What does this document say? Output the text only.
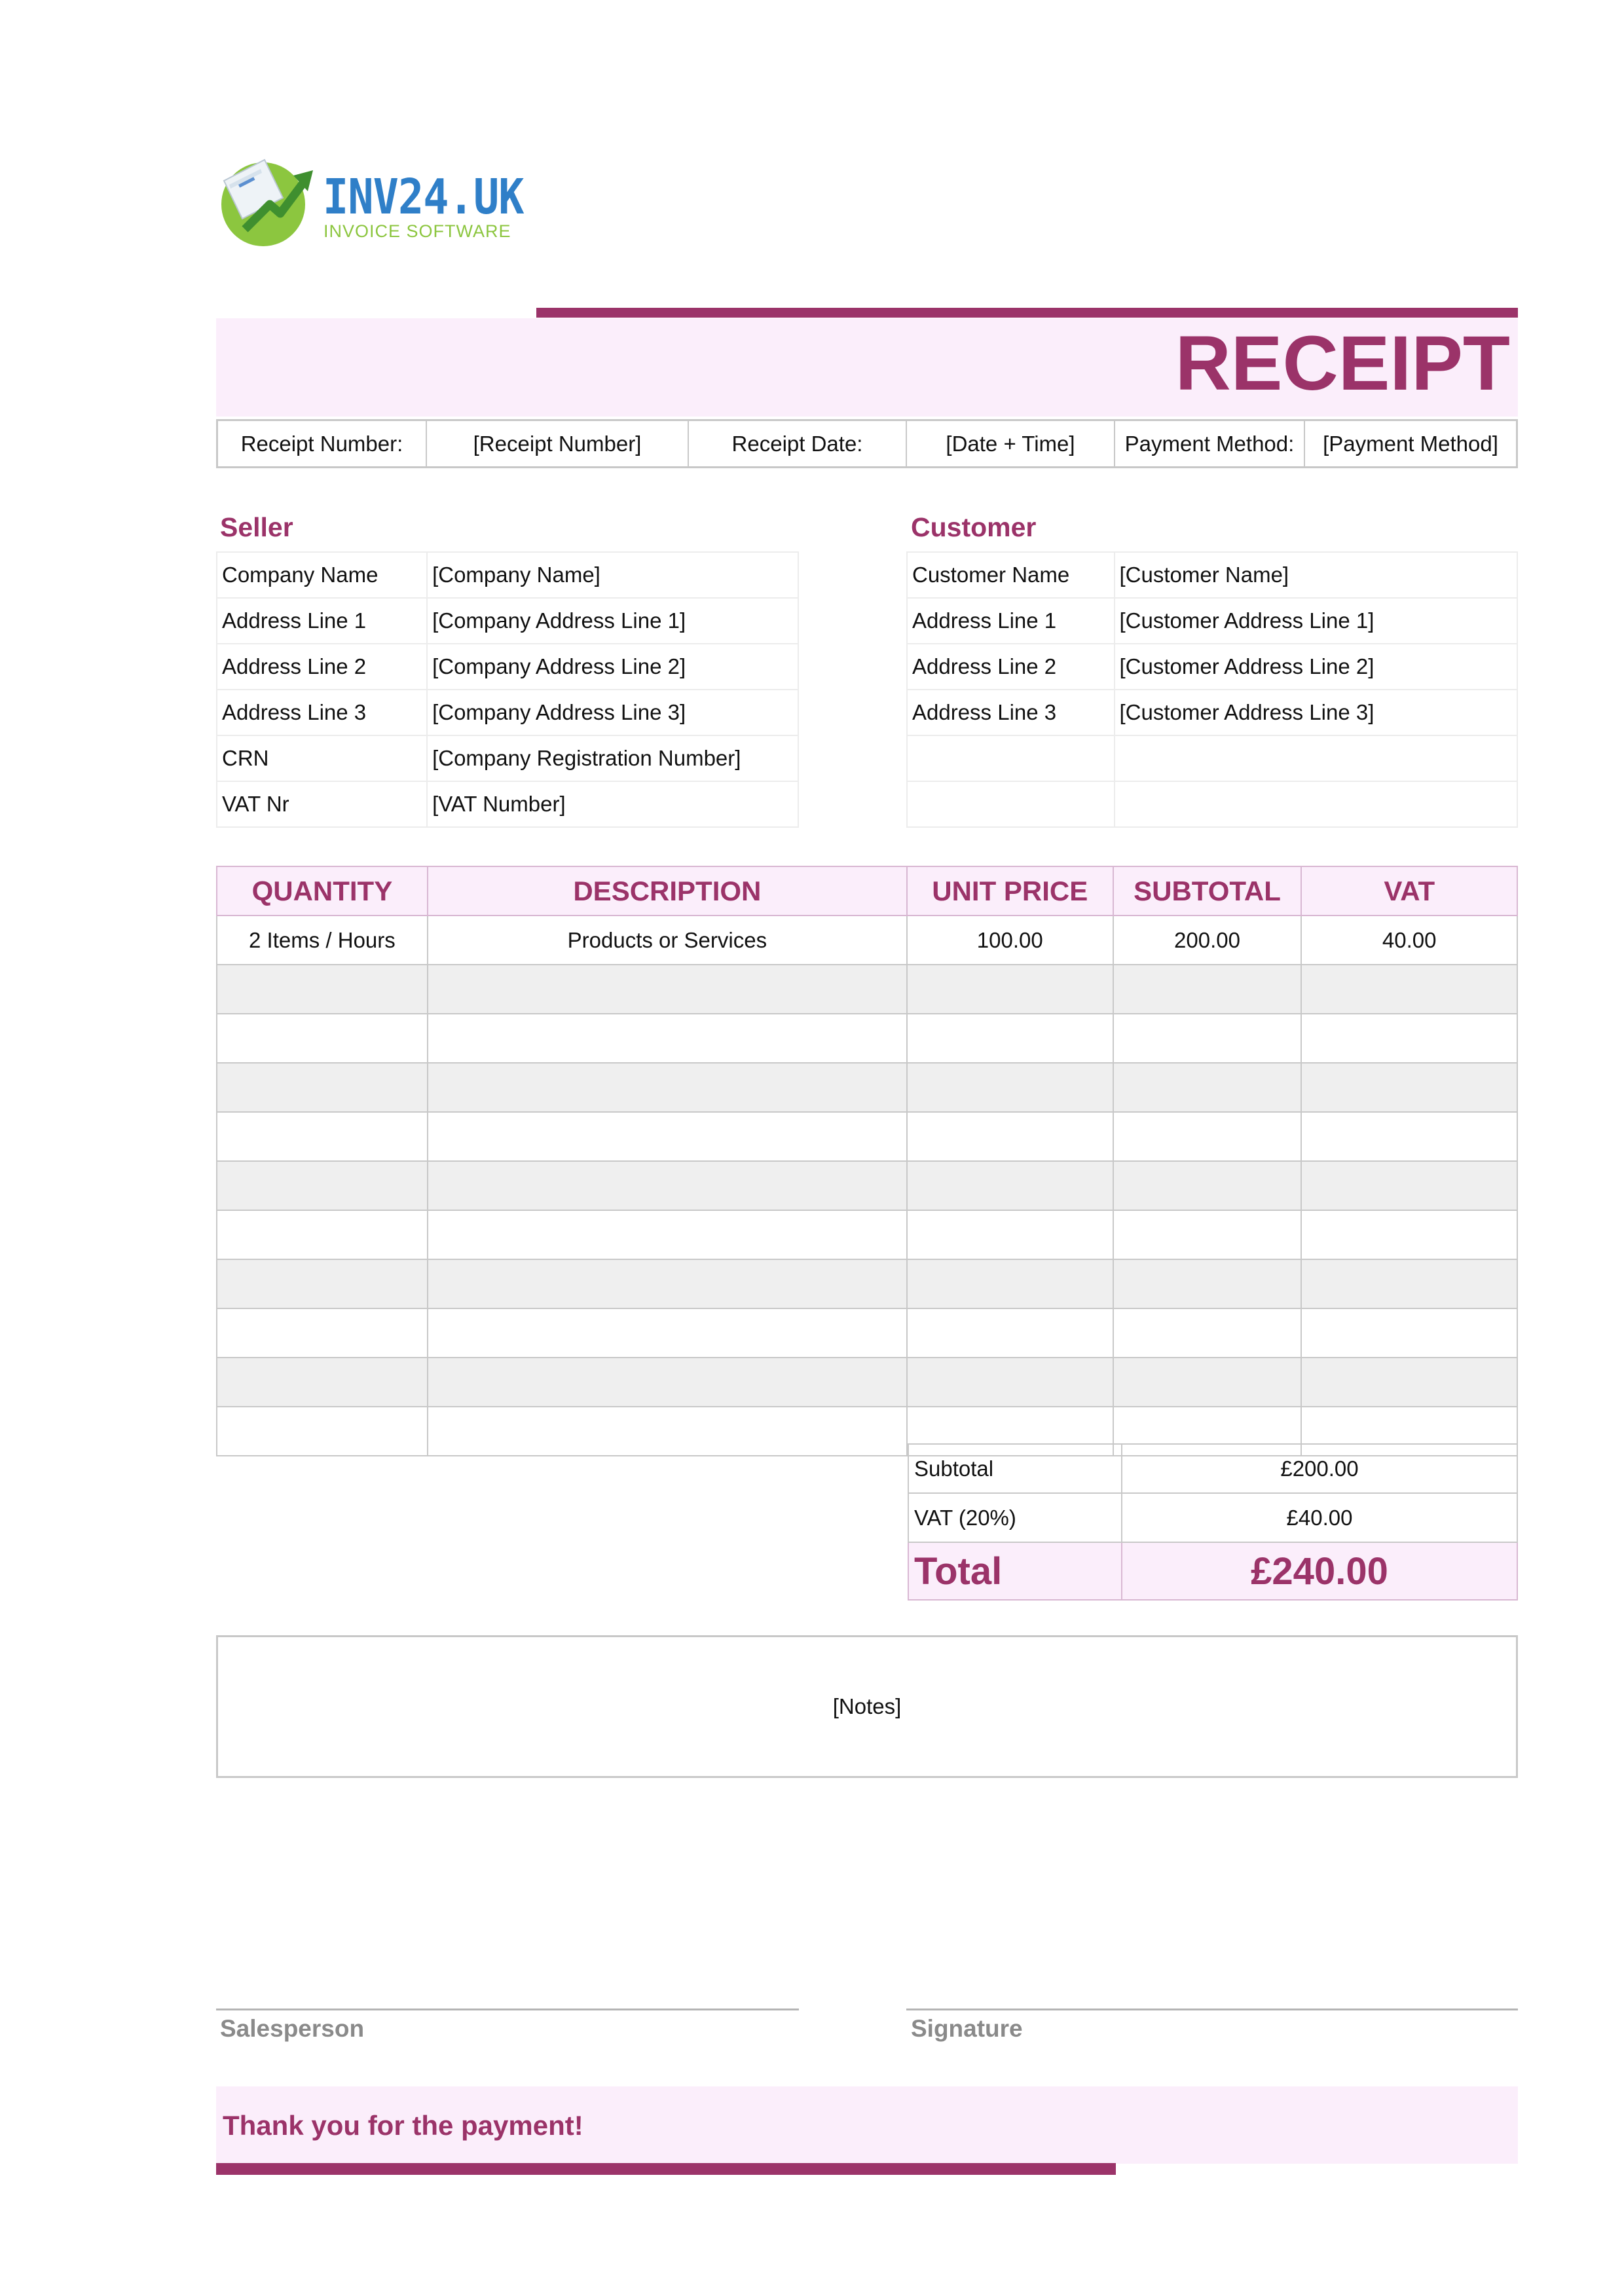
INV24.UK
INVOICE SOFTWARE
RECEIPT
Receipt Number:	[Receipt Number]	Receipt Date:	[Date + Time]	Payment Method:	[Payment Method]
Seller
Company Name	[Company Name]
Address Line 1	[Company Address Line 1]
Address Line 2	[Company Address Line 2]
Address Line 3	[Company Address Line 3]
CRN	[Company Registration Number]
VAT Nr	[VAT Number]
Customer
Customer Name	[Customer Name]
Address Line 1	[Customer Address Line 1]
Address Line 2	[Customer Address Line 2]
Address Line 3	[Customer Address Line 3]

QUANTITY	DESCRIPTION	UNIT PRICE	SUBTOTAL	VAT
2 Items / Hours	Products or Services	100.00	200.00	40.00

Subtotal	£200.00
VAT (20%)	£40.00
Total	£240.00
[Notes]
Salesperson	Signature
Thank you for the payment!
